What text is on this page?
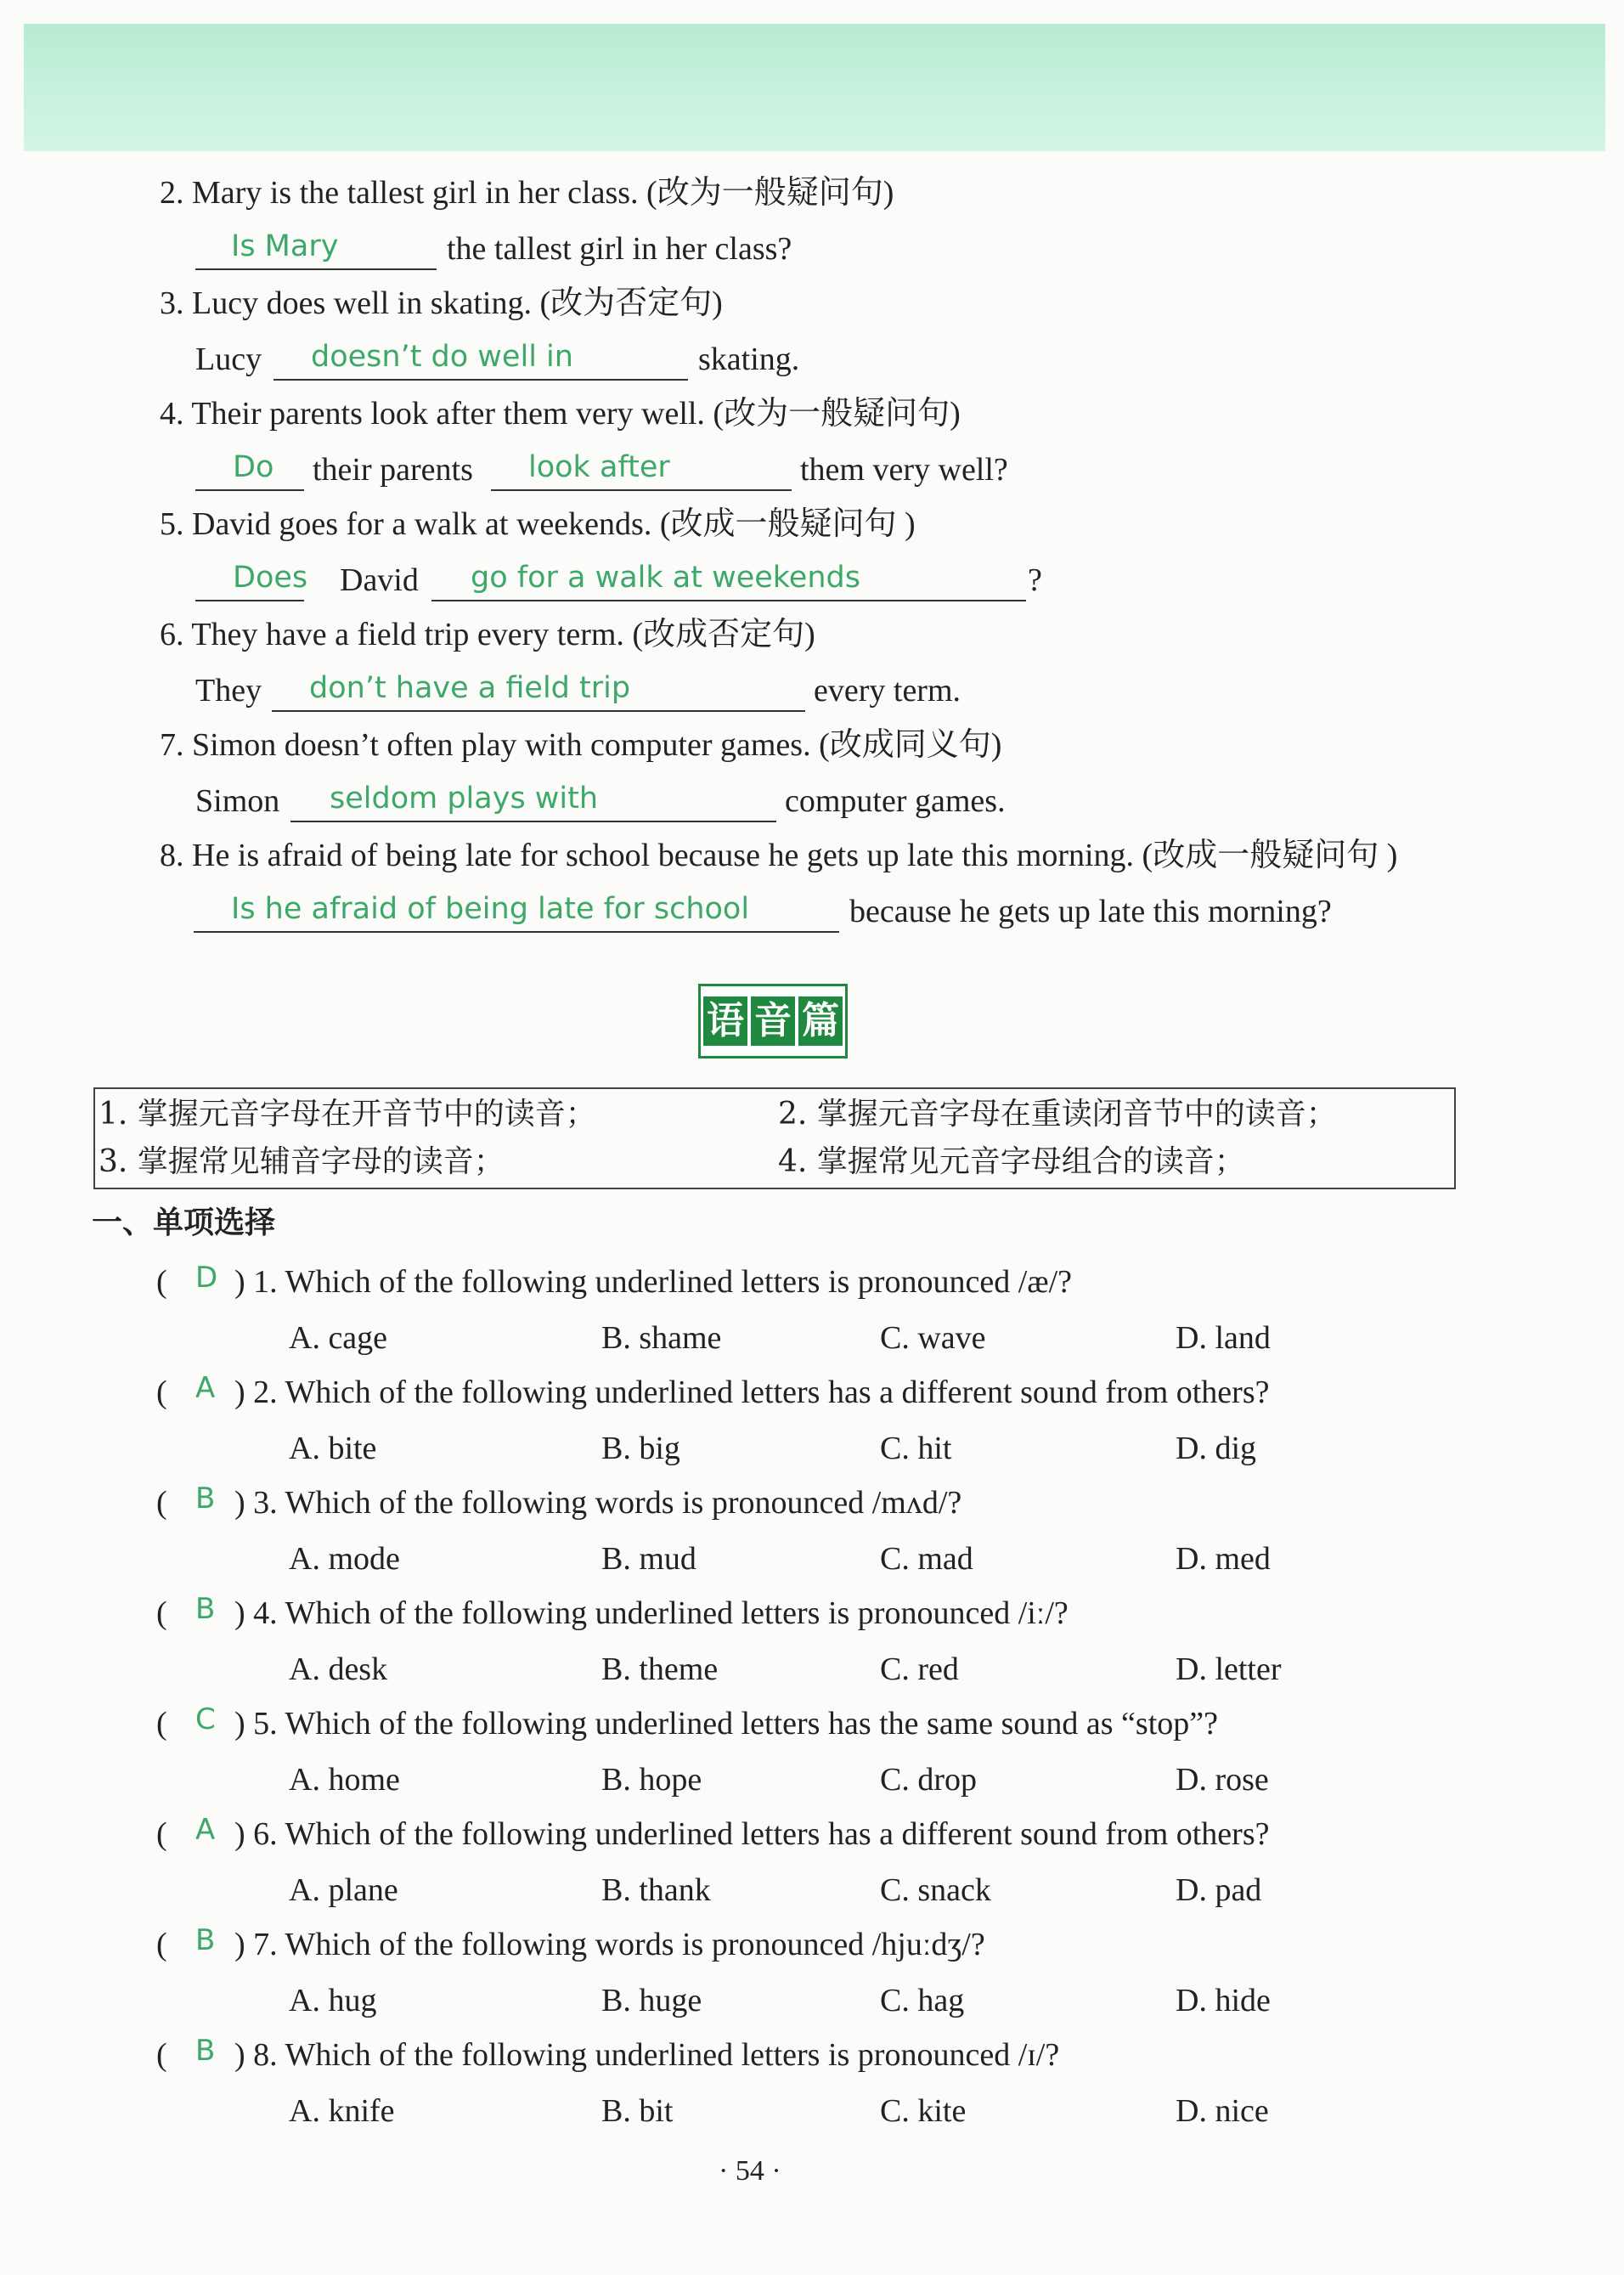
2. Mary is the tallest girl in her class. (改为一般疑问句)
Is Mary	the tallest girl in her class?
3. Lucy does well in skating. (改为否定句)
Lucy doesn’t do well in	skating.
4. Their parents look after them very well. (改为一般疑问句)
Do their parents look after	them very well?
5. David goes for a walk at weekends. (改成一般疑问句 )
Does David go for a walk at weekends	?
6. They have a field trip every term. (改成否定句)
They don’t have a field trip	every term.
7. Simon doesn’t often play with computer games. (改成同义句)
Simon seldom plays with	computer games.
8. He is afraid of being late for school because he gets up late this morning. (改成一般疑问句 )
Is he afraid of being late for school	because he gets up late this morning?
语 音 篇
1. 掌握元音字母在开音节中的读音；	2. 掌握元音字母在重读闭音节中的读音；
3. 掌握常见辅音字母的读音；	4. 掌握常见元音字母组合的读音；
一、单项选择
( D ) 1. Which of the following underlined letters is pronounced /æ/?
A. cage	B. shame	C. wave	D. land
( A ) 2. Which of the following underlined letters has a different sound from others?
A. bite	B. big	C. hit	D. dig
( B ) 3. Which of the following words is pronounced /mʌd/?
A. mode	B. mud	C. mad	D. med
( B ) 4. Which of the following underlined letters is pronounced /iː/?
A. desk	B. theme	C. red	D. letter
( C ) 5. Which of the following underlined letters has the same sound as “stop”?
A. home	B. hope	C. drop	D. rose
( A ) 6. Which of the following underlined letters has a different sound from others?
A. plane	B. thank	C. snack	D. pad
( B ) 7. Which of the following words is pronounced /hjuːdʒ/?
A. hug	B. huge	C. hag	D. hide
( B ) 8. Which of the following underlined letters is pronounced /ɪ/?
A. knife	B. bit	C. kite	D. nice
· 54 ·
